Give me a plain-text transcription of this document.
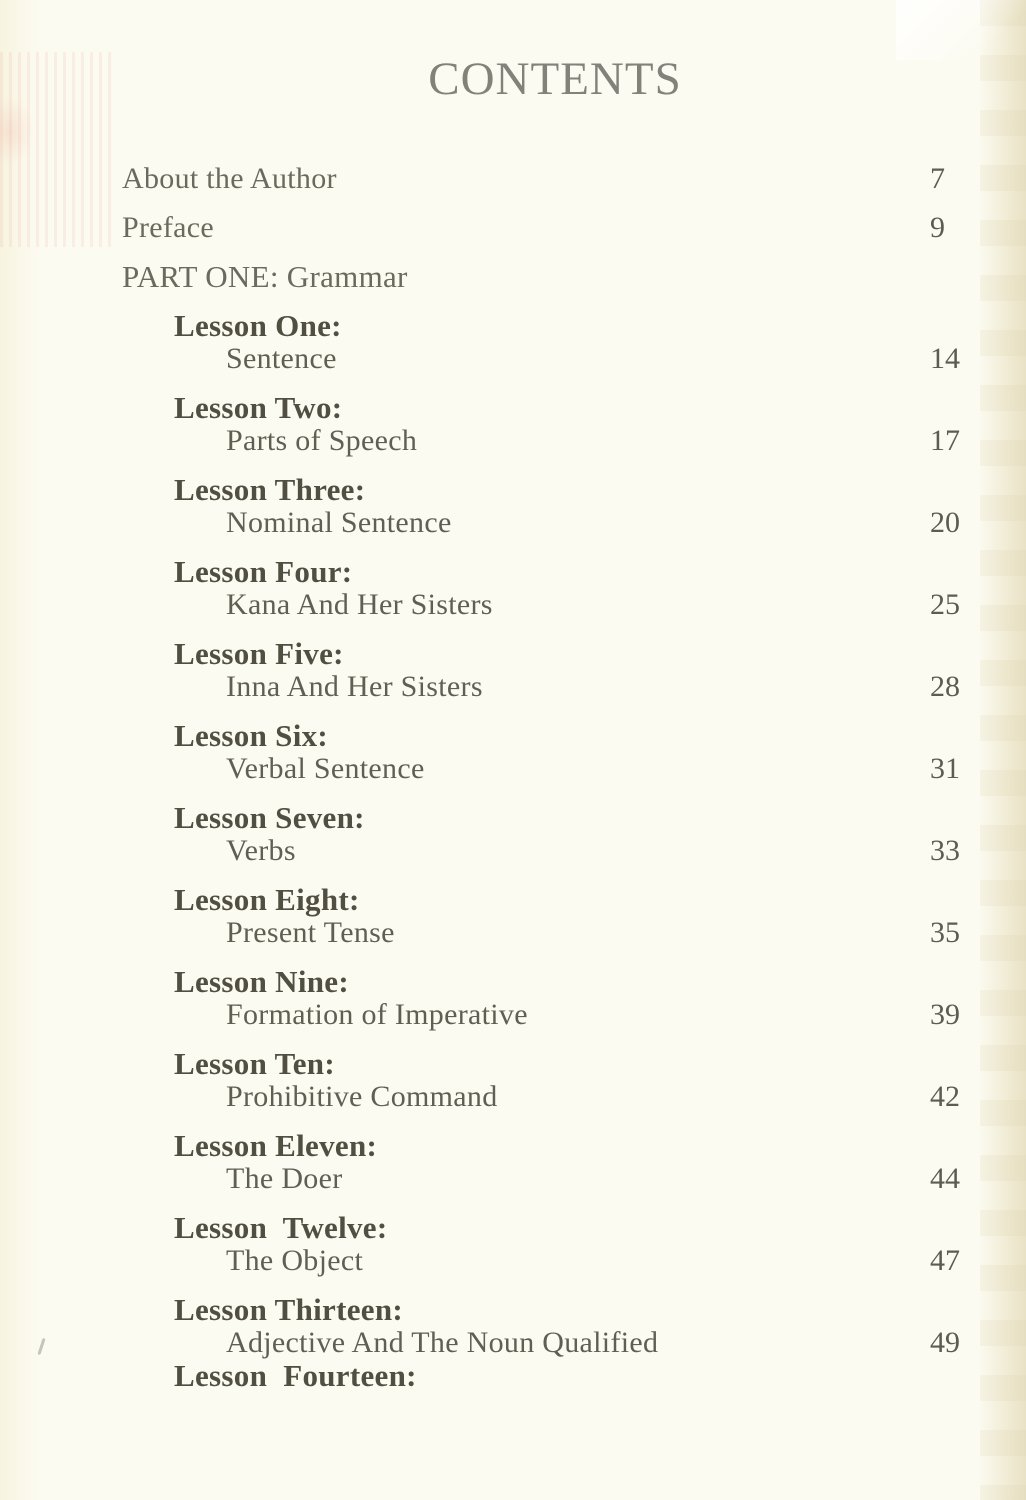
CONTENTS
About the Author	7
Preface	9
PART ONE: Grammar
Lesson One:
Sentence	14
Lesson Two:
Parts of Speech	17
Lesson Three:
Nominal Sentence	20
Lesson Four:
Kana And Her Sisters	25
Lesson Five:
Inna And Her Sisters	28
Lesson Six:
Verbal Sentence	31
Lesson Seven:
Verbs	33
Lesson Eight:
Present Tense	35
Lesson Nine:
Formation of Imperative	39
Lesson Ten:
Prohibitive Command	42
Lesson Eleven:
The Doer	44
Lesson  Twelve:
The Object	47
Lesson Thirteen:
Adjective And The Noun Qualified	49
Lesson  Fourteen:
